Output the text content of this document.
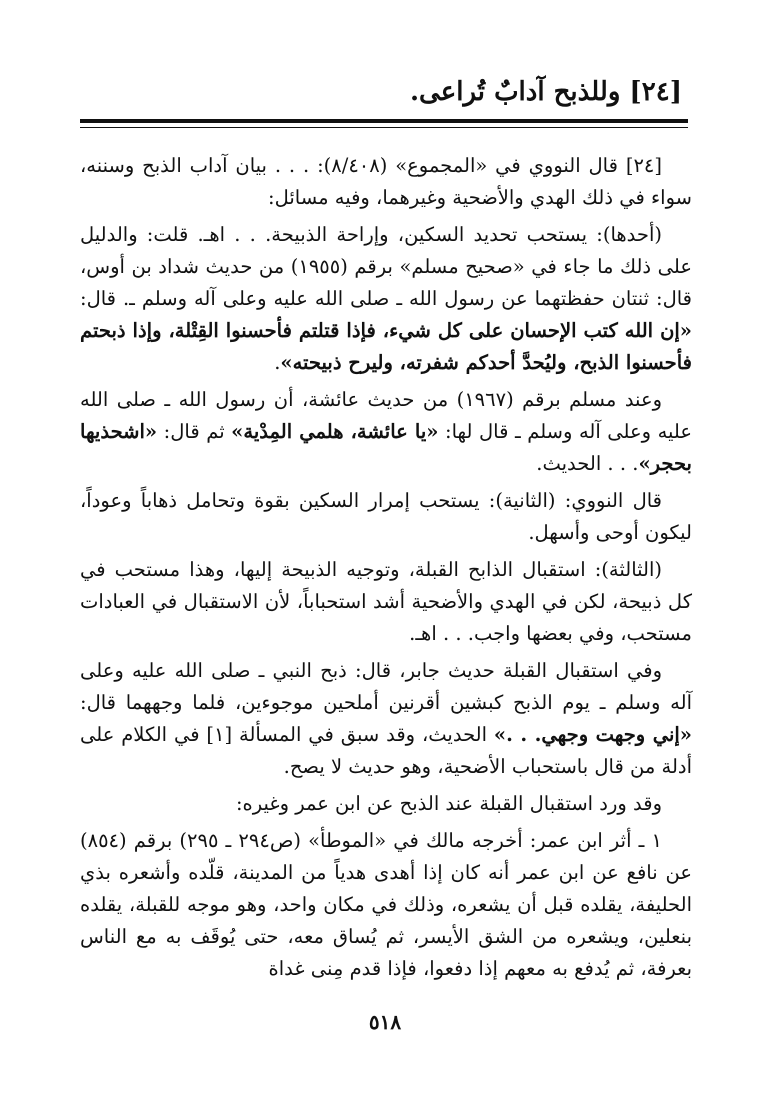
[٢٤] وللذبح آدابٌ تُراعى.

[٢٤] قال النووي في «المجموع» (٨/٤٠٨): . . . بيان آداب الذبح وسننه، سواء في ذلك الهدي والأضحية وغيرهما، وفيه مسائل:

(أحدها): يستحب تحديد السكين، وإراحة الذبيحة. . . اهـ. قلت: والدليل على ذلك ما جاء في «صحيح مسلم» برقم (١٩٥٥) من حديث شداد بن أوس، قال: ثنتان حفظتهما عن رسول الله ـ صلى الله عليه وعلى آله وسلم ـ. قال: «إن الله كتب الإحسان على كل شيء، فإذا قتلتم فأحسنوا القِتْلة، وإذا ذبحتم فأحسنوا الذبح، وليُحدَّ أحدكم شفرته، وليرح ذبيحته».

وعند مسلم برقم (١٩٦٧) من حديث عائشة، أن رسول الله ـ صلى الله عليه وعلى آله وسلم ـ قال لها: «يا عائشة، هلمي المِدْية» ثم قال: «اشحذيها بحجر». . . الحديث.

قال النووي: (الثانية): يستحب إمرار السكين بقوة وتحامل ذهاباً وعوداً، ليكون أوحى وأسهل.

(الثالثة): استقبال الذابح القبلة، وتوجيه الذبيحة إليها، وهذا مستحب في كل ذبيحة، لكن في الهدي والأضحية أشد استحباباً، لأن الاستقبال في العبادات مستحب، وفي بعضها واجب. . . اهـ.

وفي استقبال القبلة حديث جابر، قال: ذبح النبي ـ صلى الله عليه وعلى آله وسلم ـ يوم الذبح كبشين أقرنين أملحين موجوءين، فلما وجههما قال: «إني وجهت وجهي. . .» الحديث، وقد سبق في المسألة [١] في الكلام على أدلة من قال باستحباب الأضحية، وهو حديث لا يصح.

وقد ورد استقبال القبلة عند الذبح عن ابن عمر وغيره:

١ ـ أثر ابن عمر: أخرجه مالك في «الموطأ» (ص٢٩٤ ـ ٢٩٥) برقم (٨٥٤) عن نافع عن ابن عمر أنه كان إذا أهدى هدياً من المدينة، قلّده وأشعره بذي الحليفة، يقلده قبل أن يشعره، وذلك في مكان واحد، وهو موجه للقبلة، يقلده بنعلين، ويشعره من الشق الأيسر، ثم يُساق معه، حتى يُوقَف به مع الناس بعرفة، ثم يُدفع به معهم إذا دفعوا، فإذا قدم مِنى غداة

٥١٨
